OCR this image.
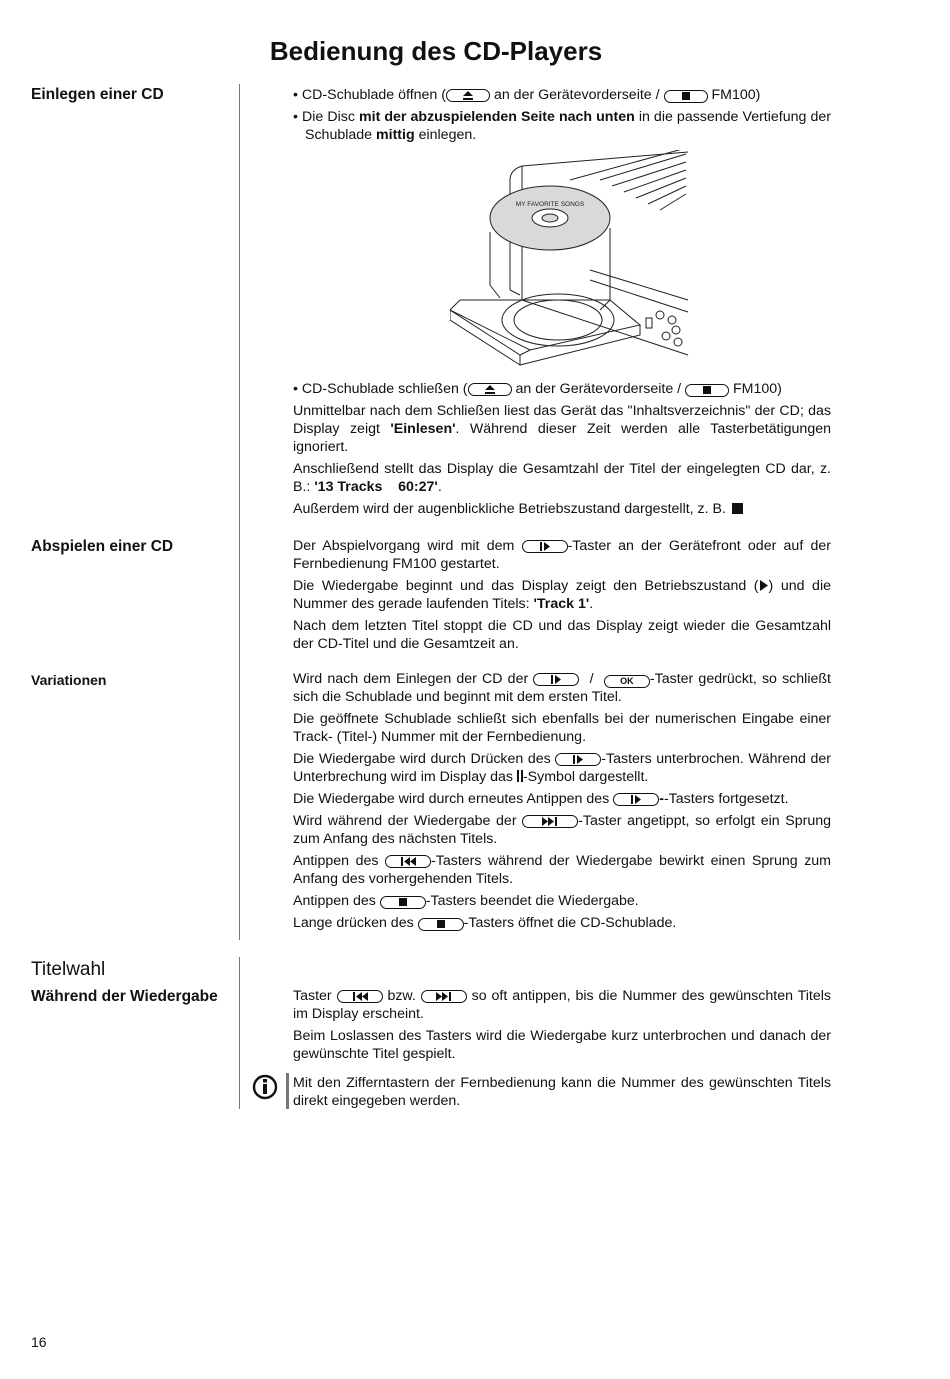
Bedienung des CD-Players
Einlegen einer CD	• CD-Schublade öffnen (	an der Gerätevorderseite /	FM100)

• Die Disc mit der abzuspielenden Seite nach unten in die passende Vertiefung der Schublade mittig einlegen.

MY FAVORITE SONGS

• CD-Schublade schließen (	an der Gerätevorderseite /	FM100)

Unmittelbar nach dem Schließen liest das Gerät das "Inhaltsverzeichnis" der CD; das Display zeigt 'Einlesen'. Während dieser Zeit werden alle Tasterbetätigungen ignoriert.

Anschließend stellt das Display die Gesamtzahl der Titel der eingelegten CD dar, z. B.: '13 Tracks    60:27'.

Außerdem wird der augenblickliche Betriebszustand dargestellt, z. B.

Abspielen einer CD	Der Abspielvorgang wird mit dem	-Taster an der Gerätefront oder auf der Fernbedienung FM100 gestartet.

Die Wiedergabe beginnt und das Display zeigt den Betriebszustand ( ) und die Nummer des gerade laufenden Titels: 'Track 1'.

Nach dem letzten Titel stoppt die CD und das Display zeigt wieder die Gesamtzahl der CD-Titel und die Gesamtzeit an.

Variationen	Wird nach dem Einlegen der CD der	/	OK -Taster gedrückt, so schließt sich die Schublade und beginnt mit dem ersten Titel.

Die geöffnete Schublade schließt sich ebenfalls bei der numerischen Eingabe einer Track- (Titel-) Nummer mit der Fernbedienung.

Die Wiedergabe wird durch Drücken des	-Tasters unterbrochen. Während der Unterbrechung wird im Display das -Symbol dargestellt.

Die Wiedergabe wird durch erneutes Antippen des	--Tasters fortgesetzt.

Wird während der Wiedergabe der	-Taster angetippt, so erfolgt ein Sprung zum Anfang des nächsten Titels.

Antippen des	-Tasters während der Wiedergabe bewirkt einen Sprung zum Anfang des vorhergehenden Titels.

Antippen des	-Tasters beendet die Wiedergabe.

Lange drücken des	-Tasters öffnet die CD-Schublade.

Titelwahl
Während der Wiedergabe	Taster	bzw.	so oft antippen, bis die Nummer des gewünschten Titels im Display erscheint.

Beim Loslassen des Tasters wird die Wiedergabe kurz unterbrochen und danach der gewünschte Titel gespielt.

Mit den Zifferntastern der Fernbedienung kann die Nummer des gewünschten Titels direkt eingegeben werden.

16
